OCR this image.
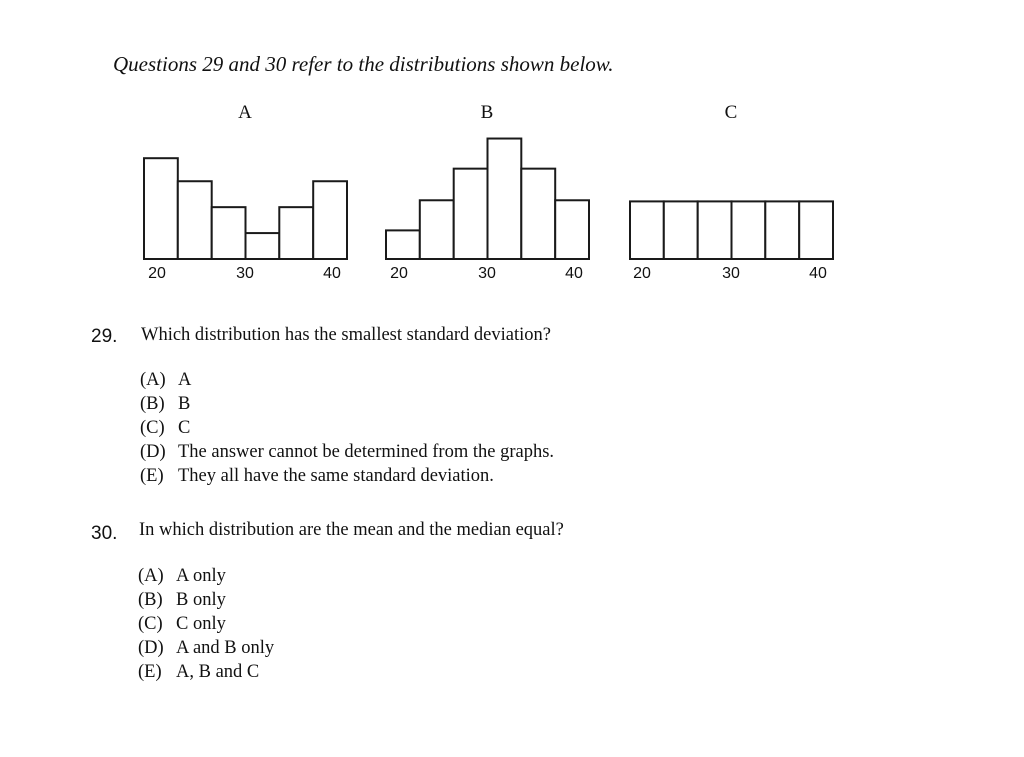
Questions 29 and 30 refer to the distributions shown below.
A
20	30	40
B
20	30	40
C
20	30	40
29. Which distribution has the smallest standard deviation?
(A) A
(B) B
(C) C
(D) The answer cannot be determined from the graphs.
(E) They all have the same standard deviation.
30. In which distribution are the mean and the median equal?
(A) A only
(B) B only
(C) C only
(D) A and B only
(E) A, B and C
